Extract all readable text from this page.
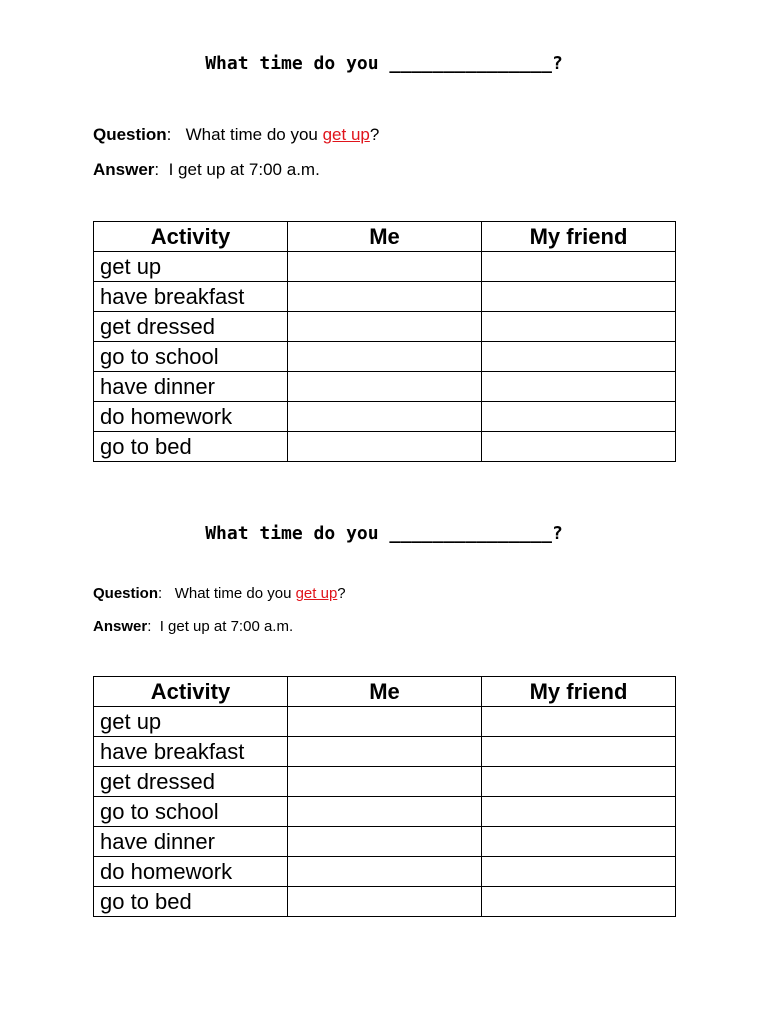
What time do you _______________?
Question:   What time do you get up?
Answer:  I get up at 7:00 a.m.
Activity	Me	My friend
get up		
have breakfast		
get dressed		
go to school		
have dinner		
do homework		
go to bed		
What time do you _______________?
Question:   What time do you get up?
Answer:  I get up at 7:00 a.m.
Activity	Me	My friend
get up		
have breakfast		
get dressed		
go to school		
have dinner		
do homework		
go to bed		
